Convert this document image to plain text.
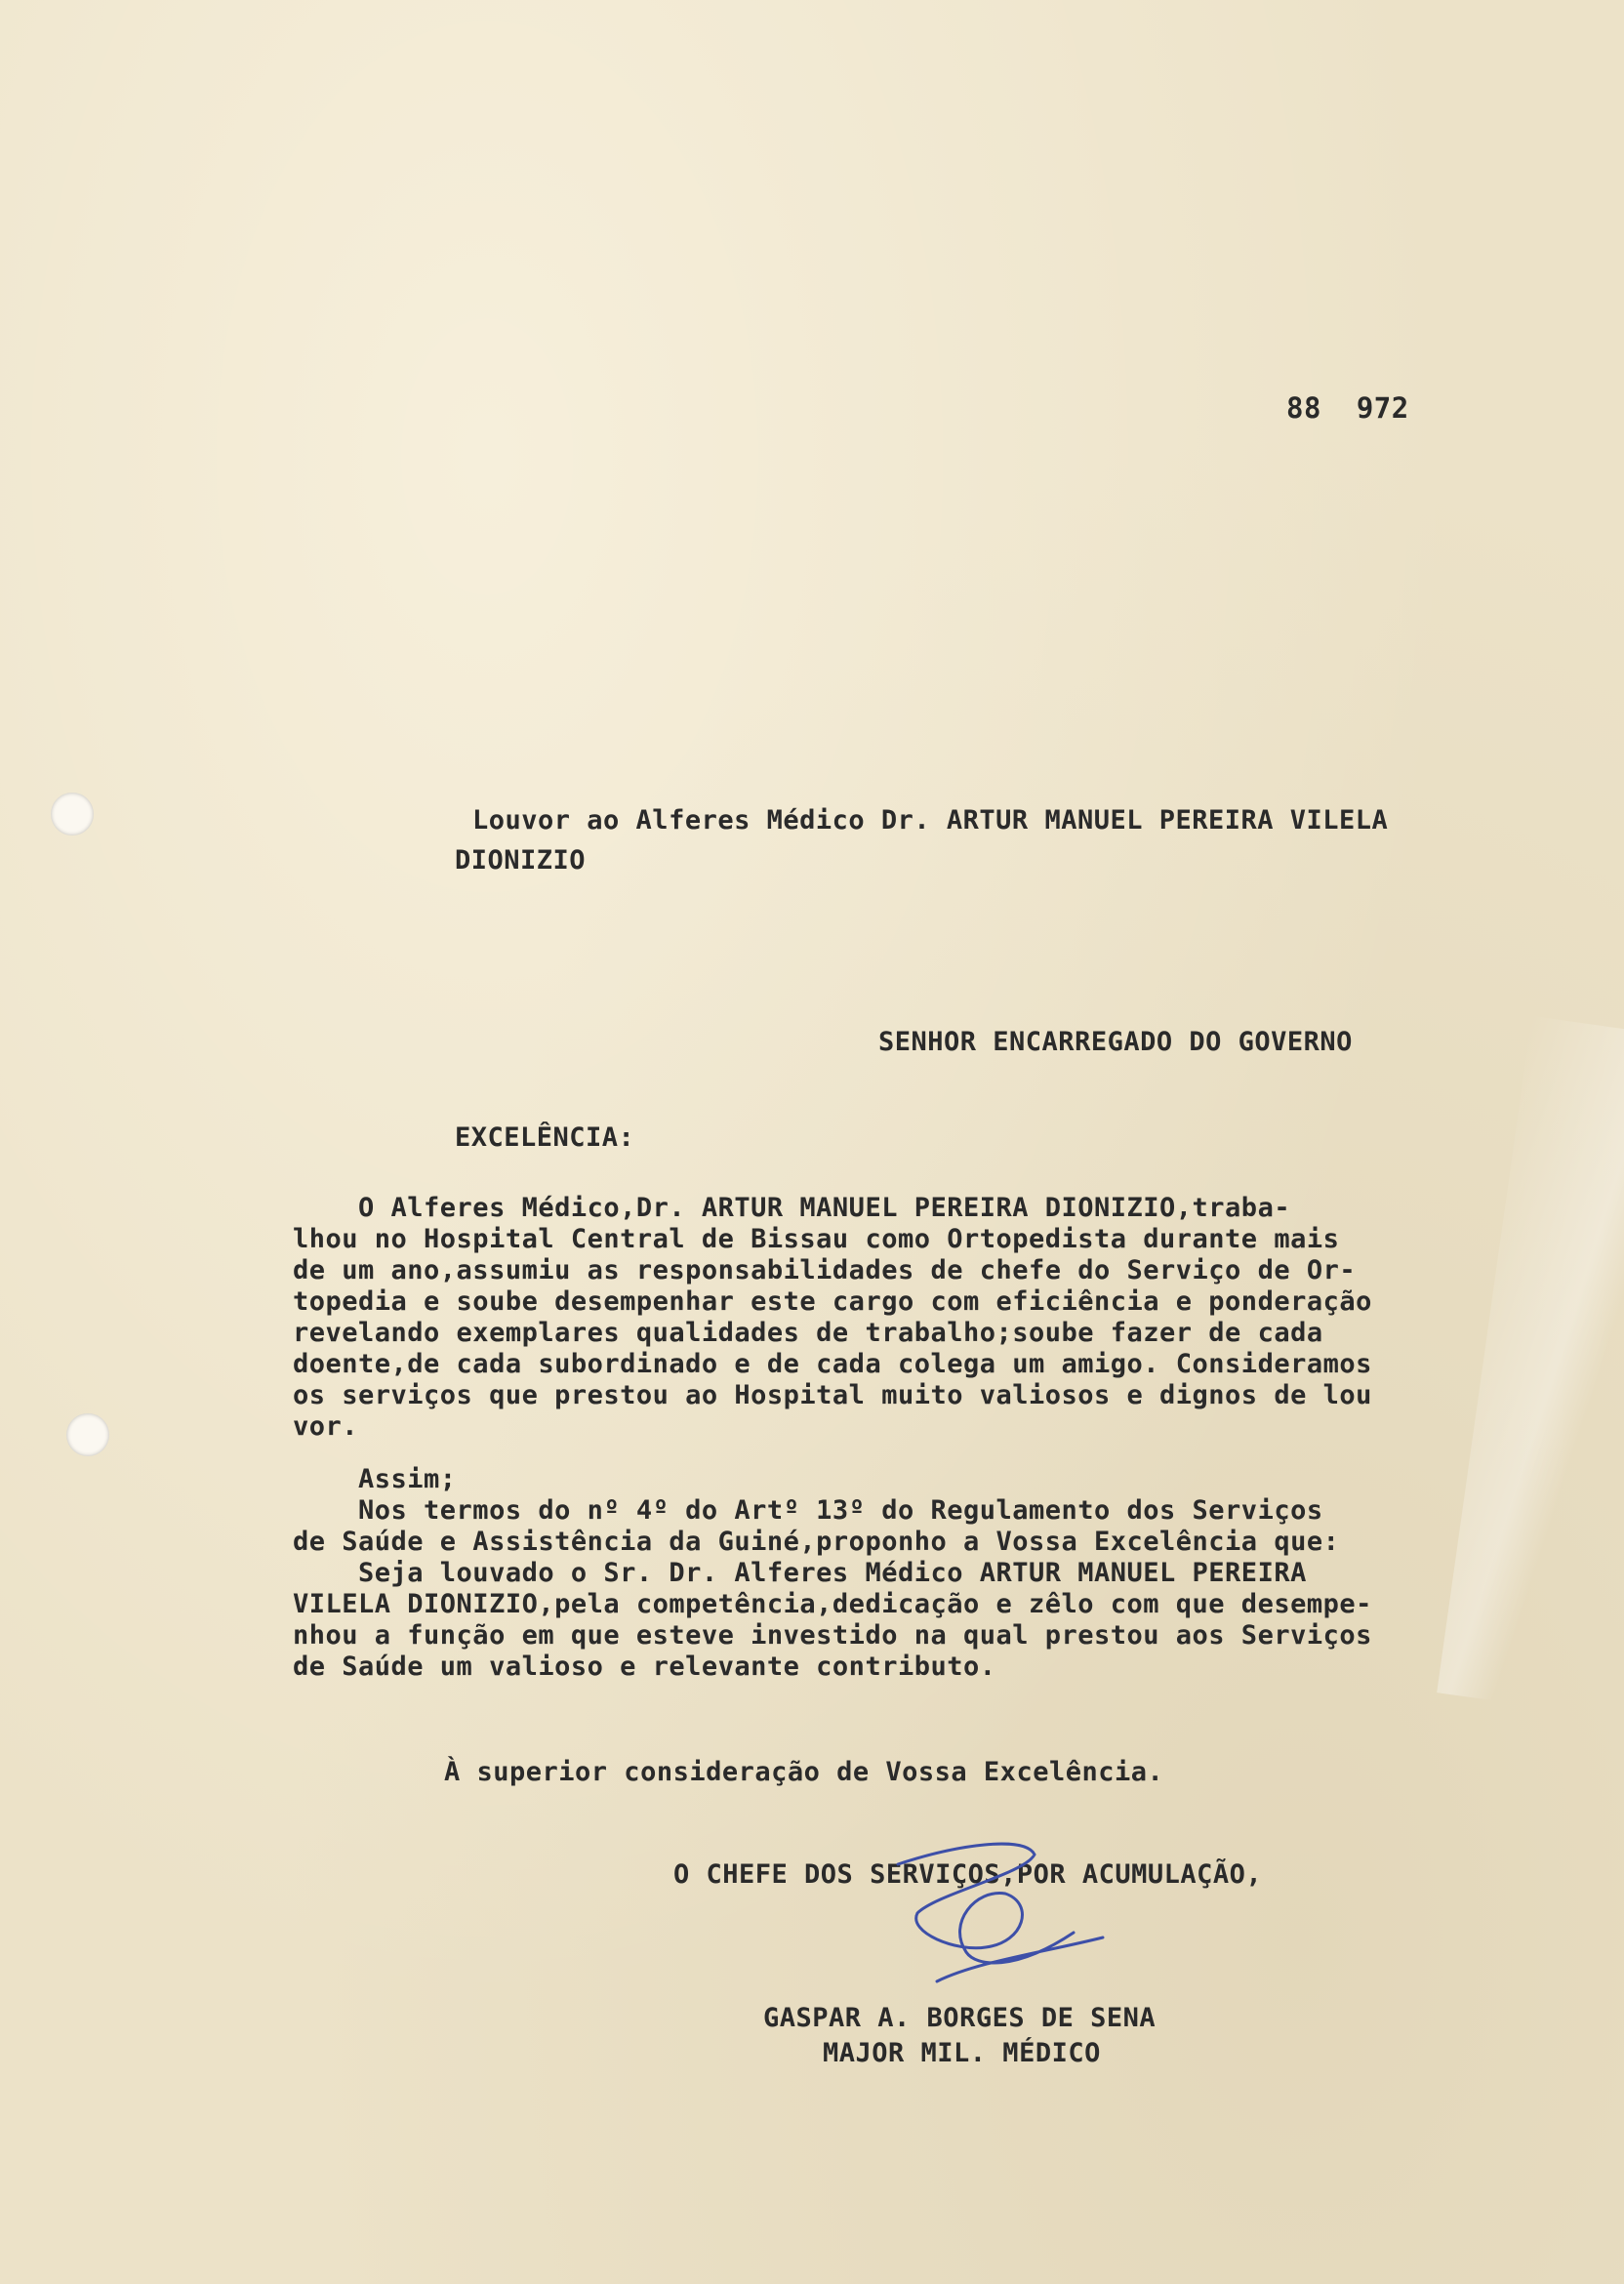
88  972
Louvor ao Alferes Médico Dr. ARTUR MANUEL PEREIRA VILELA
DIONIZIO
SENHOR ENCARREGADO DO GOVERNO
EXCELÊNCIA:
O Alferes Médico,Dr. ARTUR MANUEL PEREIRA DIONIZIO,traba-
lhou no Hospital Central de Bissau como Ortopedista durante mais
de um ano,assumiu as responsabilidades de chefe do Serviço de Or-
topedia e soube desempenhar este cargo com eficiência e ponderação
revelando exemplares qualidades de trabalho;soube fazer de cada
doente,de cada subordinado e de cada colega um amigo. Consideramos
os serviços que prestou ao Hospital muito valiosos e dignos de lou
vor.
Assim;
Nos termos do nº 4º do Artº 13º do Regulamento dos Serviços
de Saúde e Assistência da Guiné,proponho a Vossa Excelência que:
Seja louvado o Sr. Dr. Alferes Médico ARTUR MANUEL PEREIRA
VILELA DIONIZIO,pela competência,dedicação e zêlo com que desempe-
nhou a função em que esteve investido na qual prestou aos Serviços
de Saúde um valioso e relevante contributo.
À superior consideração de Vossa Excelência.
O CHEFE DOS SERVIÇOS,POR ACUMULAÇÃO,
GASPAR A. BORGES DE SENA
MAJOR MIL. MÉDICO
